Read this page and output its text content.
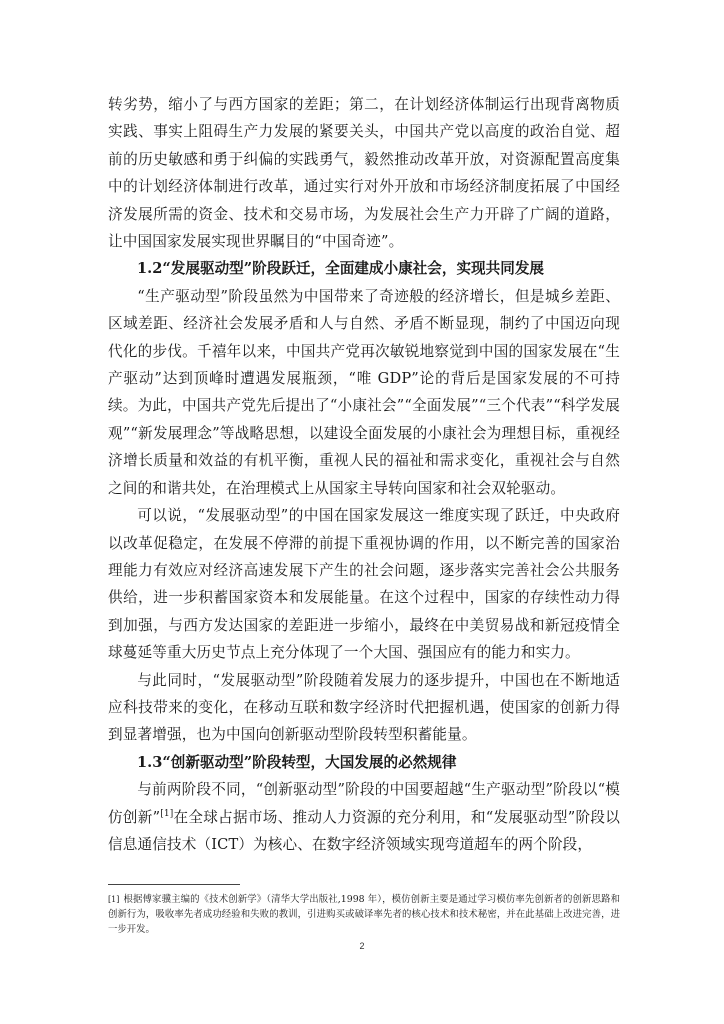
转劣势，缩小了与西方国家的差距；第二，在计划经济体制运行出现背离物质实践、事实上阻碍生产力发展的紧要关头，中国共产党以高度的政治自觉、超前的历史敏感和勇于纠偏的实践勇气，毅然推动改革开放，对资源配置高度集中的计划经济体制进行改革，通过实行对外开放和市场经济制度拓展了中国经济发展所需的资金、技术和交易市场，为发展社会生产力开辟了广阔的道路，让中国国家发展实现世界瞩目的“中国奇迹”。

1.2“发展驱动型”阶段跃迁，全面建成小康社会，实现共同发展

“生产驱动型”阶段虽然为中国带来了奇迹般的经济增长，但是城乡差距、区域差距、经济社会发展矛盾和人与自然、矛盾不断显现，制约了中国迈向现代化的步伐。千禧年以来，中国共产党再次敏锐地察觉到中国的国家发展在“生产驱动”达到顶峰时遭遇发展瓶颈，“唯 GDP”论的背后是国家发展的不可持续。为此，中国共产党先后提出了“小康社会”“全面发展”“三个代表”“科学发展观”“新发展理念”等战略思想，以建设全面发展的小康社会为理想目标，重视经济增长质量和效益的有机平衡，重视人民的福祉和需求变化，重视社会与自然之间的和谐共处，在治理模式上从国家主导转向国家和社会双轮驱动。

可以说，“发展驱动型”的中国在国家发展这一维度实现了跃迁，中央政府以改革促稳定，在发展不停滞的前提下重视协调的作用，以不断完善的国家治理能力有效应对经济高速发展下产生的社会问题，逐步落实完善社会公共服务供给，进一步积蓄国家资本和发展能量。在这个过程中，国家的存续性动力得到加强，与西方发达国家的差距进一步缩小，最终在中美贸易战和新冠疫情全球蔓延等重大历史节点上充分体现了一个大国、强国应有的能力和实力。

与此同时，“发展驱动型”阶段随着发展力的逐步提升，中国也在不断地适应科技带来的变化，在移动互联和数字经济时代把握机遇，使国家的创新力得到显著增强，也为中国向创新驱动型阶段转型积蓄能量。

1.3“创新驱动型”阶段转型，大国发展的必然规律

与前两阶段不同，“创新驱动型”阶段的中国要超越“生产驱动型”阶段以“模仿创新”[1]在全球占据市场、推动人力资源的充分利用，和“发展驱动型”阶段以信息通信技术（ICT）为核心、在数字经济领域实现弯道超车的两个阶段，

[1] 根据傅家骥主编的《技术创新学》（清华大学出版社,1998 年），模仿创新主要是通过学习模仿率先创新者的创新思路和创新行为，吸收率先者成功经验和失败的教训，引进购买或破译率先者的核心技术和技术秘密，并在此基础上改进完善，进一步开发。
2
